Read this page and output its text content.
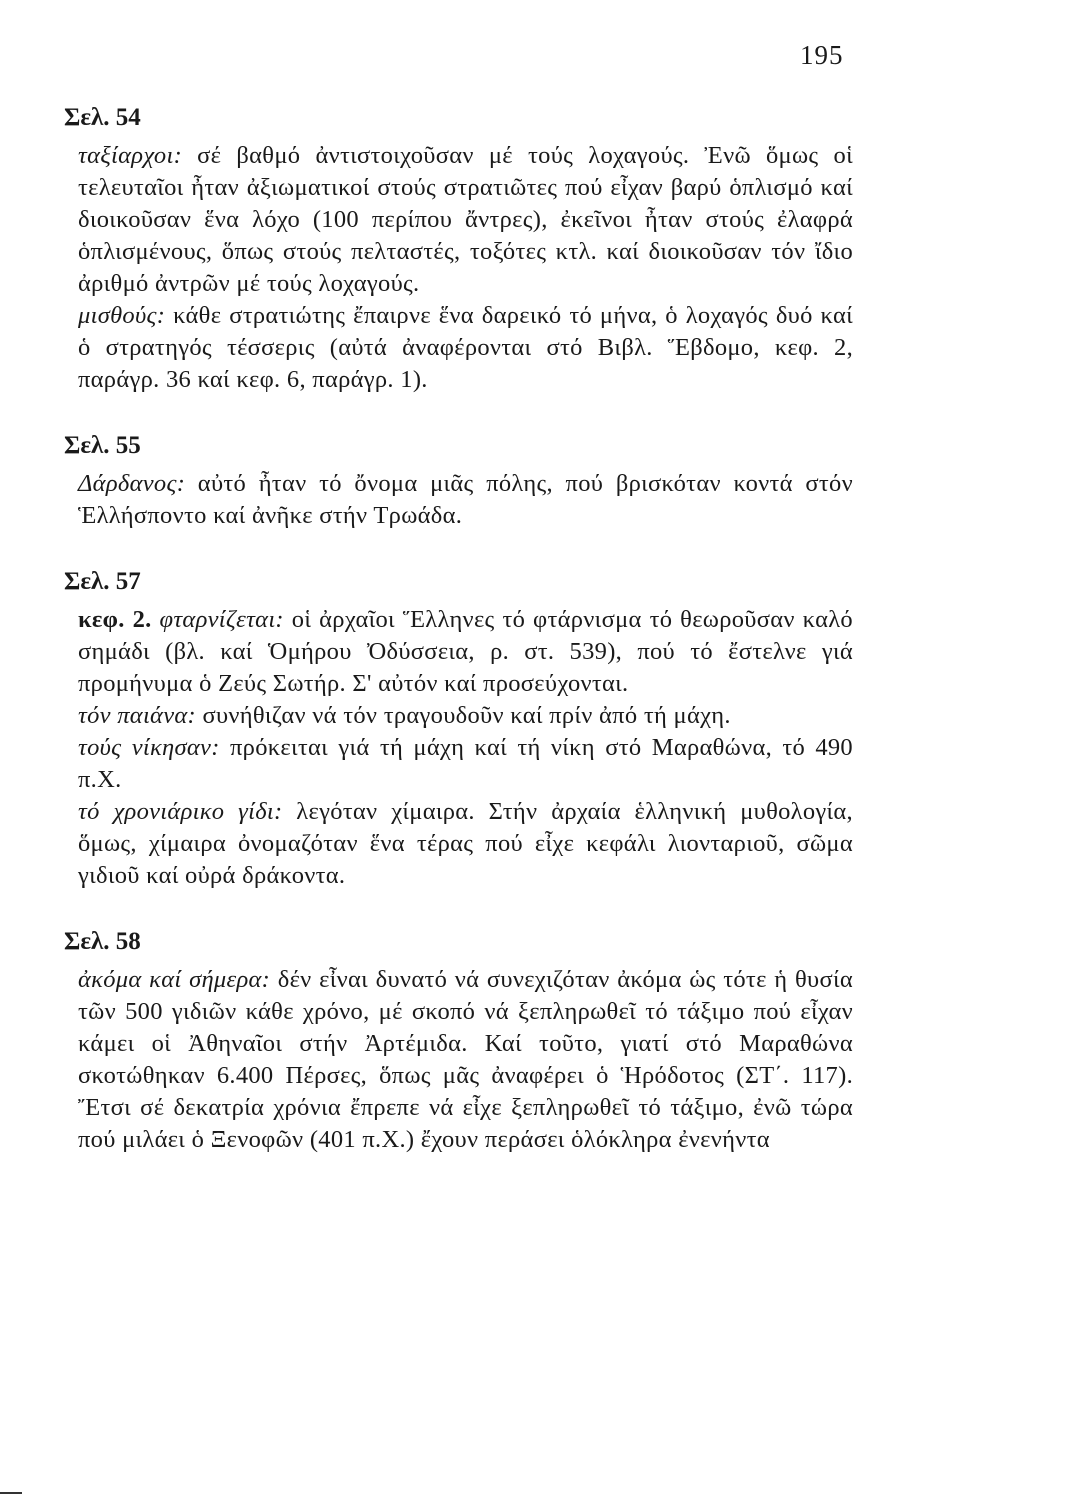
195
Σελ. 54

ταξίαρχοι: σέ βαθμό ἀντιστοιχοῦσαν μέ τούς λοχαγούς. Ἐνῶ ὅμως οἱ τελευταῖοι ἦταν ἀξιωματικοί στούς στρατιῶτες πού εἶχαν βαρύ ὁπλισμό καί διοικοῦσαν ἕνα λόχο (100 περίπου ἄντρες), ἐκεῖνοι ἦταν στούς ἐλαφρά ὁπλισμένους, ὅπως στούς πελταστές, τοξότες κτλ. καί διοικοῦσαν τόν ἴδιο ἀριθμό ἀντρῶν μέ τούς λοχαγούς.

μισθούς: κάθε στρατιώτης ἔπαιρνε ἕνα δαρεικό τό μήνα, ὁ λοχαγός δυό καί ὁ στρατηγός τέσσερις (αὐτά ἀναφέρονται στό Βιβλ. Ἕβδομο, κεφ. 2, παράγρ. 36 καί κεφ. 6, παράγρ. 1).

Σελ. 55

Δάρδανος: αὐτό ἦταν τό ὄνομα μιᾶς πόλης, πού βρισκόταν κοντά στόν Ἑλλήσποντο καί ἀνῆκε στήν Τρωάδα.

Σελ. 57

κεφ. 2. φταρνίζεται: οἱ ἀρχαῖοι Ἕλληνες τό φτάρνισμα τό θεωροῦσαν καλό σημάδι (βλ. καί Ὁμήρου Ὀδύσσεια, ρ. στ. 539), πού τό ἔστελνε γιά προμήνυμα ὁ Ζεύς Σωτήρ. Σ' αὐτόν καί προσεύχονται.

τόν παιάνα: συνήθιζαν νά τόν τραγουδοῦν καί πρίν ἀπό τή μάχη.

τούς νίκησαν: πρόκειται γιά τή μάχη καί τή νίκη στό Μαραθώνα, τό 490 π.Χ.

τό χρονιάρικο γίδι: λεγόταν χίμαιρα. Στήν ἀρχαία ἑλληνική μυθολογία, ὅμως, χίμαιρα ὀνομαζόταν ἕνα τέρας πού εἶχε κεφάλι λιονταριοῦ, σῶμα γιδιοῦ καί οὐρά δράκοντα.

Σελ. 58

ἀκόμα καί σήμερα: δέν εἶναι δυνατό νά συνεχιζόταν ἀκόμα ὡς τότε ἡ θυσία τῶν 500 γιδιῶν κάθε χρόνο, μέ σκοπό νά ξεπληρωθεῖ τό τάξιμο πού εἶχαν κάμει οἱ Ἀθηναῖοι στήν Ἀρτέμιδα. Καί τοῦτο, γιατί στό Μαραθώνα σκοτώθηκαν 6.400 Πέρσες, ὅπως μᾶς ἀναφέρει ὁ Ἡρόδοτος (ΣΤ΄. 117). Ἔτσι σέ δεκατρία χρόνια ἔπρεπε νά εἶχε ξεπληρωθεῖ τό τάξιμο, ἐνῶ τώρα πού μιλάει ὁ Ξενοφῶν (401 π.Χ.) ἔχουν περάσει ὁλόκληρα ἐνενήντα
